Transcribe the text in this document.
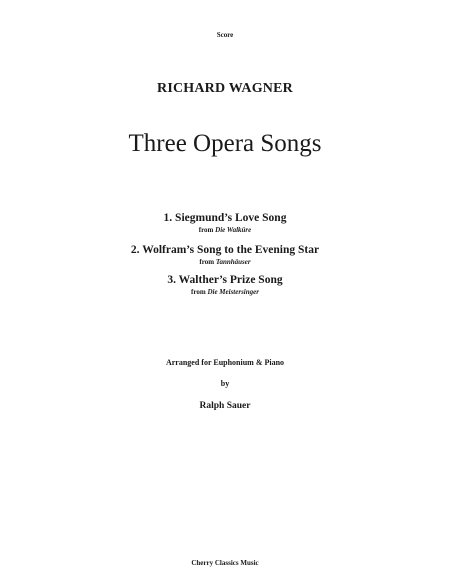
Score
RICHARD WAGNER
Three Opera Songs
1. Siegmund’s Love Song
from Die Walküre
2. Wolfram’s Song to the Evening Star
from Tannhäuser
3. Walther’s Prize Song
from Die Meistersinger
Arranged for Euphonium & Piano
by
Ralph Sauer
Cherry Classics Music
